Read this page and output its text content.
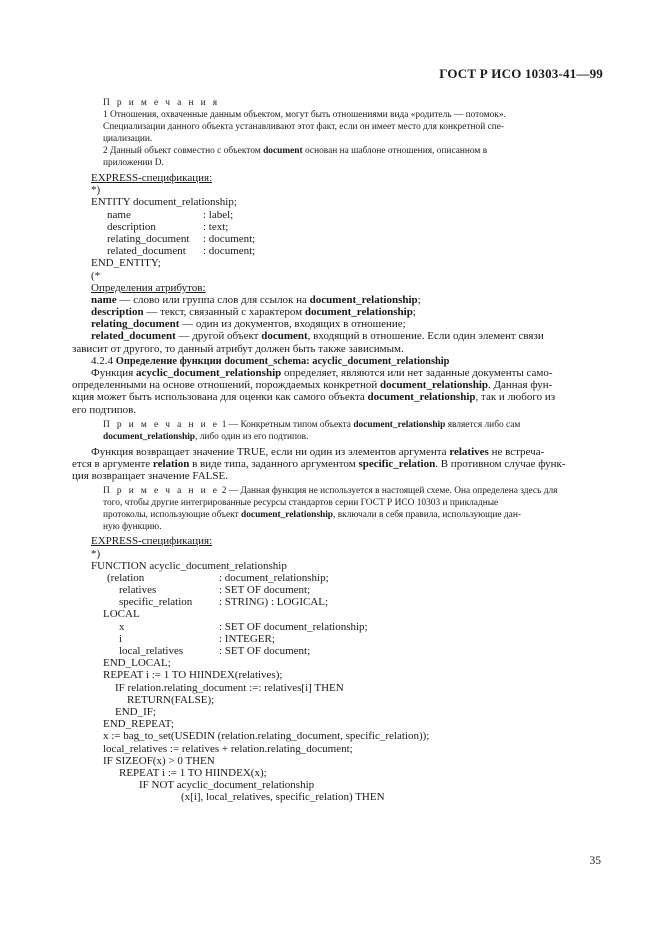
ГОСТ Р ИСО 10303-41—99
П р и м е ч а н и я
1 Отношения, охваченные данным объектом, могут быть отношениями вида «родитель — потомок».
Специализации данного объекта устанавливают этот факт, если он имеет место для конкретной спе-
циализации.
2 Данный объект совместно с объектом document основан на шаблоне отношения, описанном в
приложении D.
EXPRESS-спецификация:
*)
ENTITY document_relationship;
name	: label;
description	: text;
relating_document : document;
related_document : document;
END_ENTITY;
(*
Определения атрибутов:
name — слово или группа слов для ссылок на document_relationship;
description — текст, связанный с характером document_relationship;
relating_document — один из документов, входящих в отношение;
related_document — другой объект document, входящий в отношение. Если один элемент связи
зависит от другого, то данный атрибут должен быть также зависимым.
4.2.4 Определение функции document_schema: acyclic_document_relationship
Функция acyclic_document_relationship определяет, являются или нет заданные документы само-
определенными на основе отношений, порождаемых конкретной document_relationship. Данная фун-
кция может быть использована для оценки как самого объекта document_relationship, так и любого из
его подтипов.
П р и м е ч а н и е 1 — Конкретным типом объекта document_relationship является либо сам
document_relationship, либо один из его подтипов.
Функция возвращает значение TRUE, если ни один из элементов аргумента relatives не встреча-
ется в аргументе relation в виде типа, заданного аргументом specific_relation. В противном случае функ-
ция возвращает значение FALSE.
П р и м е ч а н и е 2 — Данная функция не используется в настоящей схеме. Она определена здесь для
того, чтобы другие интегрированные ресурсы стандартов серии ГОСТ Р ИСО 10303 и прикладные
протоколы, использующие объект document_relationship, включали в себя правила, использующие дан-
ную функцию.
EXPRESS-спецификация:
*)
FUNCTION acyclic_document_relationship
(relation	: document_relationship;
relatives	: SET OF document;
specific_relation : STRING) : LOGICAL;
LOCAL
x	: SET OF document_relationship;
i	: INTEGER;
local_relatives	: SET OF document;
END_LOCAL;
REPEAT i := 1 TO HIINDEX(relatives);
IF relation.relating_document :=: relatives[i] THEN
RETURN(FALSE);
END_IF;
END_REPEAT;
x := bag_to_set(USEDIN (relation.relating_document, specific_relation));
local_relatives := relatives + relation.relating_document;
IF SIZEOF(x) > 0 THEN
REPEAT i := 1 TO HIINDEX(x);
IF NOT acyclic_document_relationship
(x[i], local_relatives, specific_relation) THEN
35
